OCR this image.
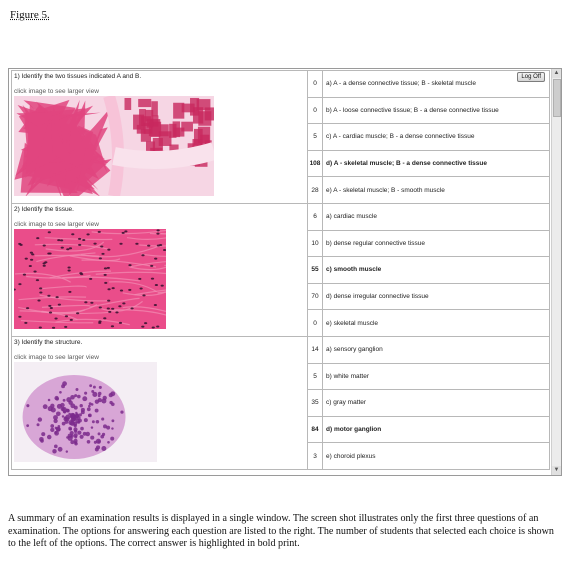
Figure 5.
1) Identify the two tissues indicated A and B.
click image to see larger view	0	a) A - a dense connective tissue; B - skeletal muscle
	0	b) A - loose connective tissue; B - a dense connective tissue
	5	c) A - cardiac muscle; B - a dense connective tissue
	108	d) A - skeletal muscle; B - a dense connective tissue
	28	e) A - skeletal muscle; B - smooth muscle

2) Identify the tissue.
click image to see larger view	6	a) cardiac muscle
	10	b) dense regular connective tissue
	55	c) smooth muscle
	70	d) dense irregular connective tissue
	0	e) skeletal muscle

3) Identify the structure.
click image to see larger view	14	a) sensory ganglion
	5	b) white matter
	35	c) gray matter
	84	d) motor ganglion
	3	e) choroid plexus
Log Off
▲
▼
A summary of an examination results is displayed in a single window. The screen shot illustrates only the first three questions of an examination. The options for answering each question are listed to the right. The number of students that selected each choice is shown to the left of the options. The correct answer is highlighted in bold print.
